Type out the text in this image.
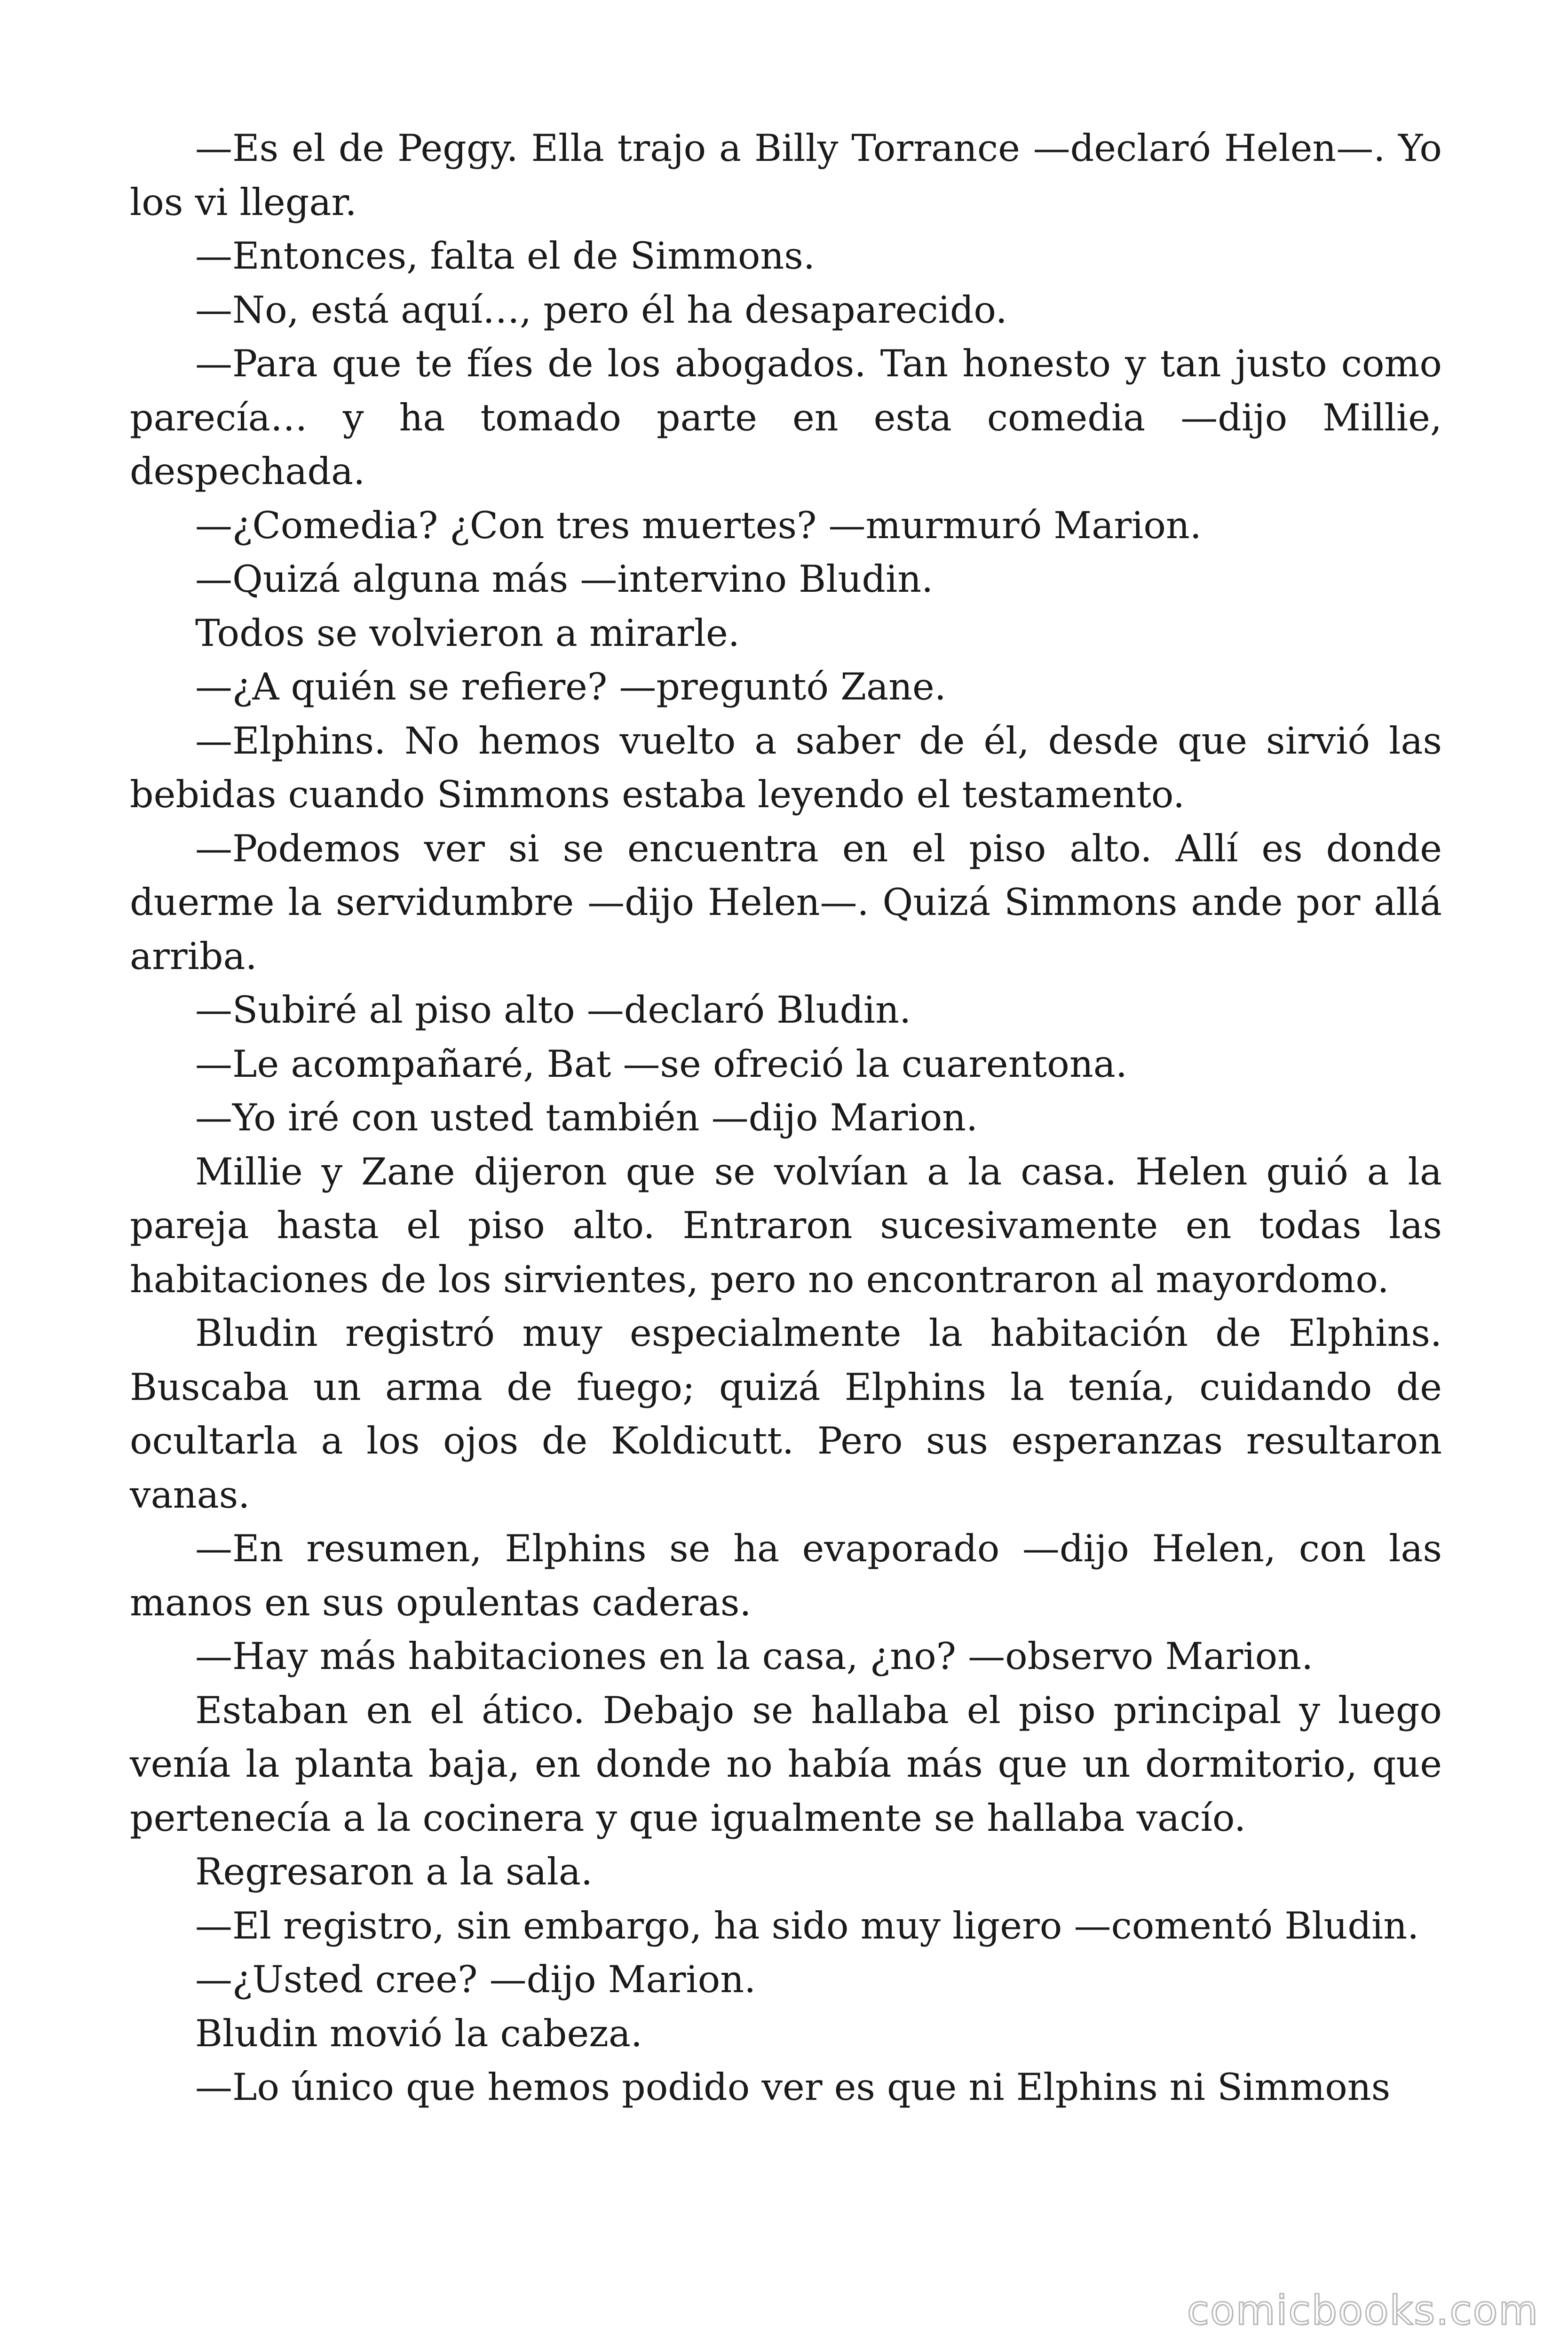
—Es el de Peggy. Ella trajo a Billy Torrance —declaró Helen—. Yo los vi llegar.

—Entonces, falta el de Simmons.

—No, está aquí…, pero él ha desaparecido.

—Para que te fíes de los abogados. Tan honesto y tan justo como parecía… y ha tomado parte en esta comedia —dijo Millie, despechada.

—¿Comedia? ¿Con tres muertes? —murmuró Marion.

—Quizá alguna más —intervino Bludin.

Todos se volvieron a mirarle.

—¿A quién se refiere? —preguntó Zane.

—Elphins. No hemos vuelto a saber de él, desde que sirvió las bebidas cuando Simmons estaba leyendo el testamento.

—Podemos ver si se encuentra en el piso alto. Allí es donde duerme la servidumbre —dijo Helen—. Quizá Simmons ande por allá arriba.

—Subiré al piso alto —declaró Bludin.

—Le acompañaré, Bat —se ofreció la cuarentona.

—Yo iré con usted también —dijo Marion.

Millie y Zane dijeron que se volvían a la casa. Helen guió a la pareja hasta el piso alto. Entraron sucesivamente en todas las habitaciones de los sirvientes, pero no encontraron al mayordomo.

Bludin registró muy especialmente la habitación de Elphins. Buscaba un arma de fuego; quizá Elphins la tenía, cuidando de ocultarla a los ojos de Koldicutt. Pero sus esperanzas resultaron vanas.

—En resumen, Elphins se ha evaporado —dijo Helen, con las manos en sus opulentas caderas.

—Hay más habitaciones en la casa, ¿no? —observo Marion.

Estaban en el ático. Debajo se hallaba el piso principal y luego venía la planta baja, en donde no había más que un dormitorio, que pertenecía a la cocinera y que igualmente se hallaba vacío.

Regresaron a la sala.

—El registro, sin embargo, ha sido muy ligero —comentó Bludin.

—¿Usted cree? —dijo Marion.

Bludin movió la cabeza.

—Lo único que hemos podido ver es que ni Elphins ni Simmons

comicbooks.com
